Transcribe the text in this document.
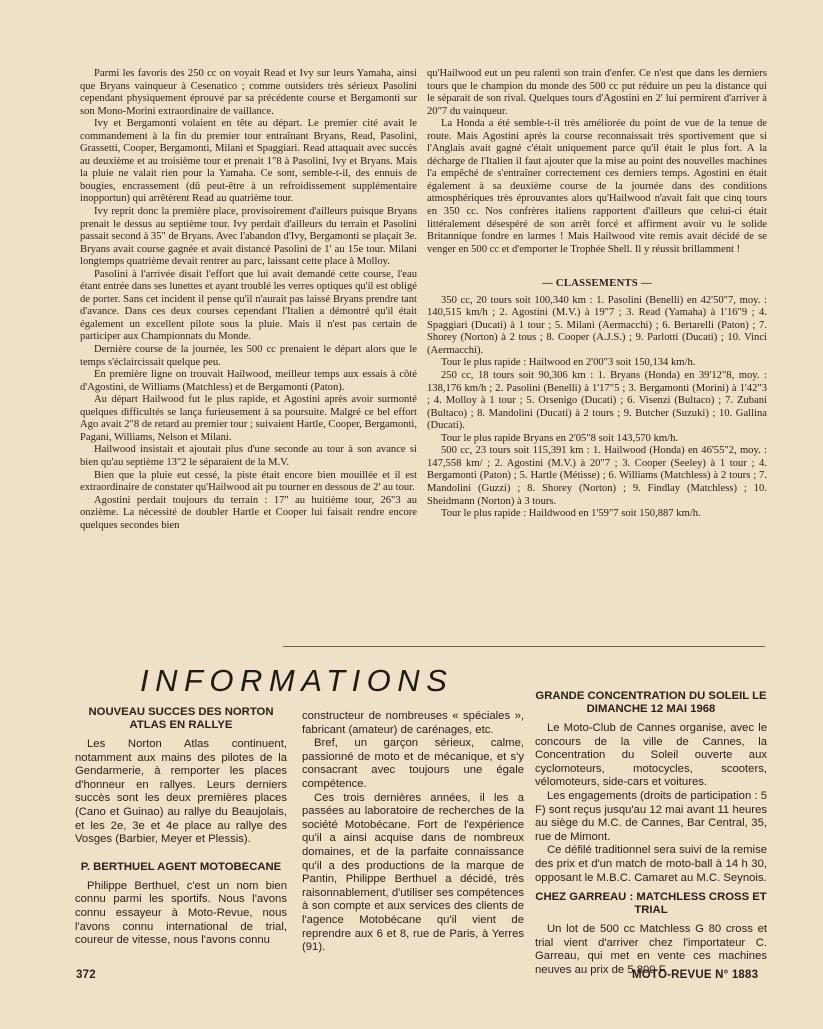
Parmi les favoris des 250 cc on voyait Read et Ivy sur leurs Yamaha, ainsi que Bryans vainqueur à Cesenatico ; comme outsiders très sérieux Pasolini cependant physiquement éprouvé par sa précédente course et Bergamonti sur son Mono-Morini extraordinaire de vaillance.

Ivy et Bergamonti volaient en tête au départ. Le premier cité avait le commandement à la fin du premier tour entraînant Bryans, Read, Pasolini, Grassetti, Cooper, Bergamonti, Milani et Spaggiari. Read attaquait avec succès au deuxième et au troisième tour et prenait 1"8 à Pasolini, Ivy et Bryans. Mais la pluie ne valait rien pour la Yamaha. Ce sont, semble-t-il, des ennuis de bougies, encrassement (dû peut-être à un refroidissement supplémentaire inopportun) qui arrêtèrent Read au quatrième tour.

Ivy reprit donc la première place, provisoirement d'ailleurs puisque Bryans prenait le dessus au septième tour. Ivy perdait d'ailleurs du terrain et Pasolini passait second à 35" de Bryans. Avec l'abandon d'Ivy, Bergamonti se plaçait 3e. Bryans avait course gagnée et avait distancé Pasolini de 1' au 15e tour. Milani longtemps quatrième devait rentrer au parc, laissant cette place à Molloy.

Pasolini à l'arrivée disait l'effort que lui avait demandé cette course, l'eau étant entrée dans ses lunettes et ayant troublé les verres optiques qu'il est obligé de porter. Sans cet incident il pense qu'il n'aurait pas laissé Bryans prendre tant d'avance. Dans ces deux courses cependant l'Italien a démontré qu'il était également un excellent pilote sous la pluie. Mais il n'est pas certain de participer aux Championnats du Monde.

Dernière course de la journée, les 500 cc prenaient le départ alors que le temps s'éclaircissait quelque peu.

En première ligne on trouvait Hailwood, meilleur temps aux essais à côté d'Agostini, de Williams (Matchless) et de Bergamonti (Paton).

Au départ Hailwood fut le plus rapide, et Agostini après avoir surmonté quelques difficultés se lança furieusement à sa poursuite. Malgré ce bel effort Ago avait 2"8 de retard au premier tour ; suivaient Hartle, Cooper, Bergamonti, Pagani, Williams, Nelson et Milani.

Hailwood insistait et ajoutait plus d'une seconde au tour à son avance si bien qu'au septième 13"2 le séparaient de la M.V.

Bien que la pluie eut cessé, la piste était encore bien mouillée et il est extraordinaire de constater qu'Hailwood ait pu tourner en dessous de 2' au tour.

Agostini perdait toujours du terrain : 17" au huitième tour, 26"3 au onzième. La nécessité de doubler Hartle et Cooper lui faisait rendre encore quelques secondes bien

qu'Hailwood eut un peu ralenti son train d'enfer. Ce n'est que dans les derniers tours que le champion du monde des 500 cc put réduire un peu la distance qui le séparait de son rival. Quelques tours d'Agostini en 2' lui permirent d'arriver à 20"7 du vainqueur.

La Honda a été semble-t-il très améliorée du point de vue de la tenue de route. Mais Agostini après la course reconnaissait très sportivement que si l'Anglais avait gagné c'était uniquement parce qu'il était le plus fort. A la décharge de l'Italien il faut ajouter que la mise au point des nouvelles machines l'a empêché de s'entraîner correctement ces derniers temps. Agostini en était également à sa deuxième course de la journée dans des conditions atmosphériques très éprouvantes alors qu'Hailwood n'avait fait que cinq tours en 350 cc. Nos confrères italiens rapportent d'ailleurs que celui-ci était littéralement désespéré de son arrêt forcé et affirment avoir vu le solide Britannique fondre en larmes ! Mais Hailwood vite remis avait décidé de se venger en 500 cc et d'emporter le Trophée Shell. Il y réussit brillamment !

— CLASSEMENTS —

350 cc, 20 tours soit 100,340 km : 1. Pasolini (Benelli) en 42'50"7, moy. : 140,515 km/h ; 2. Agostini (M.V.) à 19"7 ; 3. Read (Yamaha) à 1'16"9 ; 4. Spaggiari (Ducati) à 1 tour ; 5. Milani (Aermacchi) ; 6. Bertarelli (Paton) ; 7. Shorey (Norton) à 2 tous ; 8. Cooper (A.J.S.) ; 9. Parlotti (Ducati) ; 10. Vinci (Aermacchi).

Tour le plus rapide : Hailwood en 2'00"3 soit 150,134 km/h.

250 cc, 18 tours soit 90,306 km : 1. Bryans (Honda) en 39'12"8, moy. : 138,176 km/h ; 2. Pasolini (Benelli) à 1'17"5 ; 3. Bergamonti (Morini) à 1'42"3 ; 4. Molloy à 1 tour ; 5. Orsenigo (Ducati) ; 6. Visenzi (Bultaco) ; 7. Zubani (Bultaco) ; 8. Mandolini (Ducati) à 2 tours ; 9. Butcher (Suzuki) ; 10. Gallina (Ducati).

Tour le plus rapide Bryans en 2'05"8 soit 143,570 km/h.

500 cc, 23 tours soit 115,391 km : 1. Hailwood (Honda) en 46'55"2, moy. : 147,558 km/ ; 2. Agostini (M.V.) à 20"7 ; 3. Cooper (Seeley) à 1 tour ; 4. Bergamonti (Paton) ; 5. Hartle (Métisse) ; 6. Williams (Matchless) à 2 tours ; 7. Mandolini (Guzzi) ; 8. Shorey (Norton) ; 9. Findlay (Matchless) ; 10. Sheidmann (Norton) à 3 tours.

Tour le plus rapide : Haildwood en 1'59"7 soit 150,887 km/h.

INFORMATIONS
NOUVEAU SUCCES DES NORTON ATLAS EN RALLYE

Les Norton Atlas continuent, notamment aux mains des pilotes de la Gendarmerie, à remporter les places d'honneur en rallyes. Leurs derniers succès sont les deux premières places (Cano et Guinao) au rallye du Beaujolais, et les 2e, 3e et 4e place au rallye des Vosges (Barbier, Meyer et Plessis).

P. BERTHUEL AGENT MOTOBECANE

Philippe Berthuel, c'est un nom bien connu parmi les sportifs. Nous l'avons connu essayeur à Moto-Revue, nous l'avons connu international de trial, coureur de vitesse, nous l'avons connu

constructeur de nombreuses « spéciales », fabricant (amateur) de carénages, etc.

Bref, un garçon sérieux, calme, passionné de moto et de mécanique, et s'y consacrant avec toujours une égale compétence.

Ces trois dernières années, il les a passées au laboratoire de recherches de la société Motobécane. Fort de l'expérience qu'il a ainsi acquise dans de nombreux domaines, et de la parfaite connaissance qu'il a des productions de la marque de Pantin, Philippe Berthuel a décidé, très raisonnablement, d'utiliser ses compétences à son compte et aux services des clients de l'agence Motobécane qu'il vient de reprendre aux 6 et 8, rue de Paris, à Yerres (91).

GRANDE CONCENTRATION DU SOLEIL LE DIMANCHE 12 MAI 1968

Le Moto-Club de Cannes organise, avec le concours de la ville de Cannes, la Concentration du Soleil ouverte aux cyclomoteurs, motocycles, scooters, vélomoteurs, side-cars et voitures.

Les engagements (droits de participation : 5 F) sont reçus jusqu'au 12 mai avant 11 heures au siège du M.C. de Cannes, Bar Central, 35, rue de Mimont.

Ce défilé traditionnel sera suivi de la remise des prix et d'un match de moto-ball à 14 h 30, opposant le M.B.C. Camaret au M.C. Seynois.

CHEZ GARREAU : MATCHLESS CROSS ET TRIAL

Un lot de 500 cc Matchless G 80 cross et trial vient d'arriver chez l'importateur C. Garreau, qui met en vente ces machines neuves au prix de 5.800 F.

372	MOTO-REVUE N° 1883
